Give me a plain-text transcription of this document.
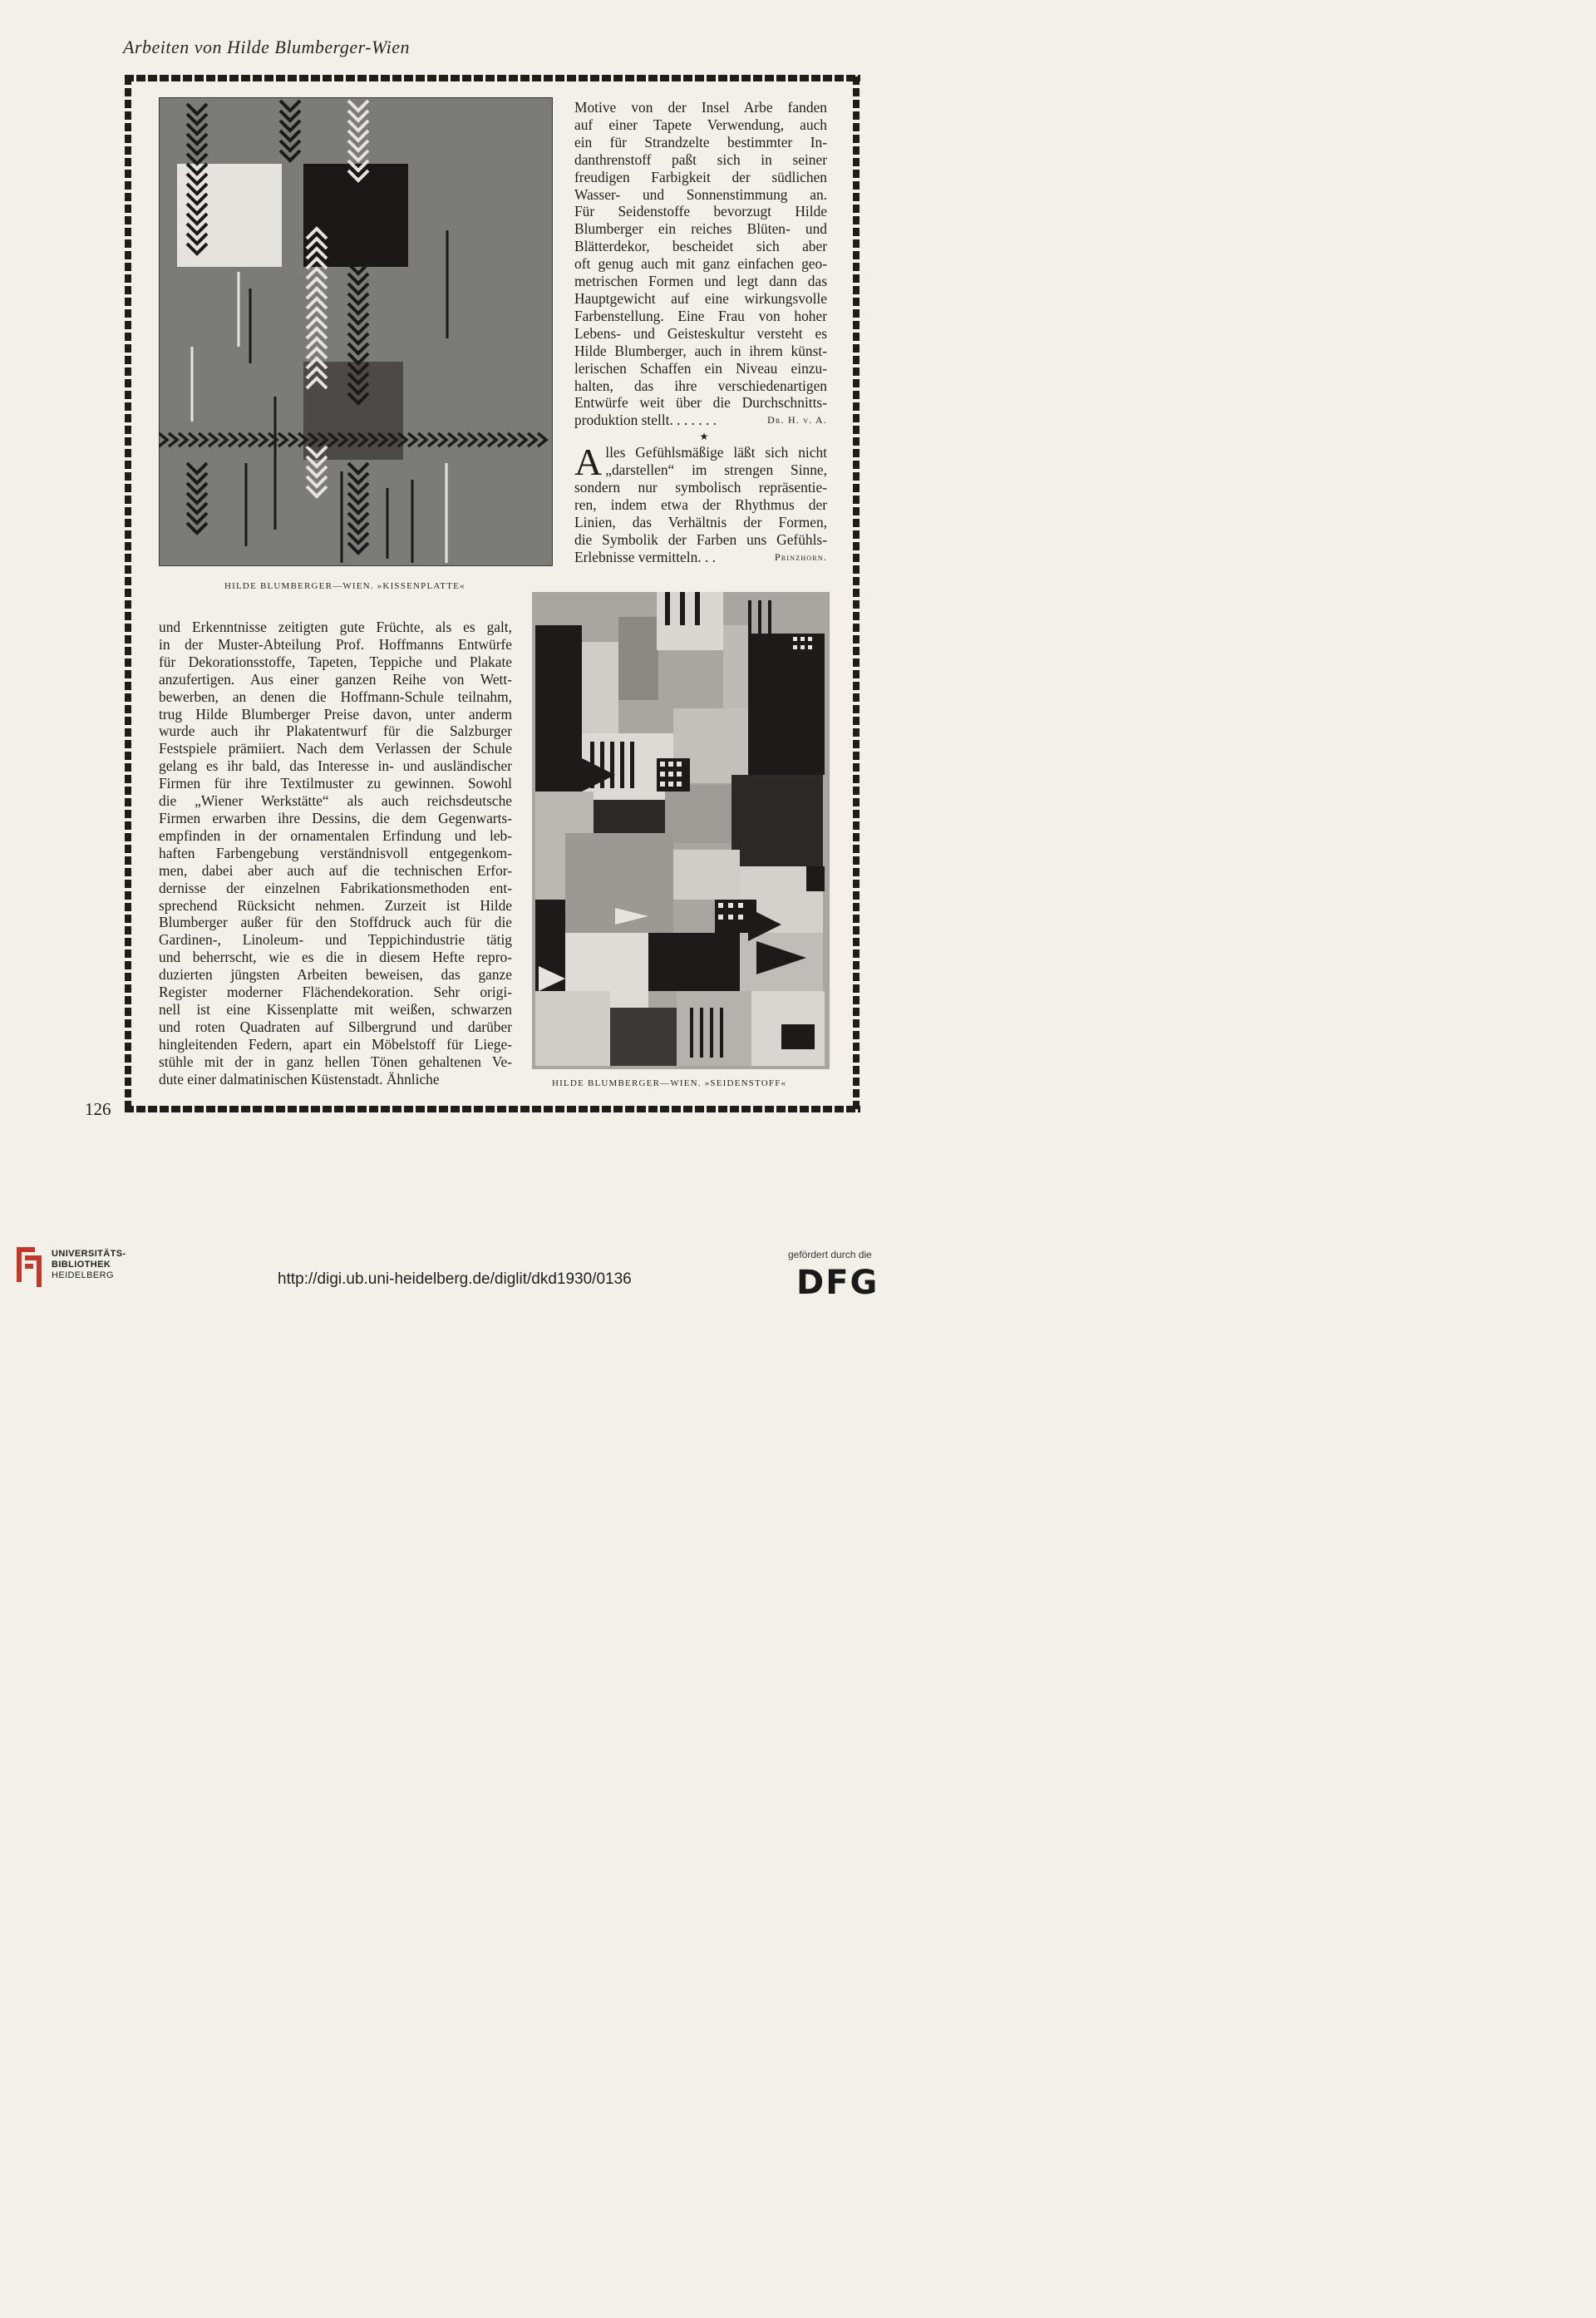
Arbeiten von Hilde Blumberger-Wien
HILDE BLUMBERGER—WIEN. »KISSENPLATTE«
HILDE BLUMBERGER—WIEN. »SEIDENSTOFF«

Motive von der Insel Arbe fanden
auf einer Tapete Verwendung, auch
ein für Strandzelte bestimmter In-
danthrenstoff paßt sich in seiner
freudigen Farbigkeit der südlichen
Wasser- und Sonnenstimmung an.
Für Seidenstoffe bevorzugt Hilde
Blumberger ein reiches Blüten- und
Blätterdekor, bescheidet sich aber
oft genug auch mit ganz einfachen geo-
metrischen Formen und legt dann das
Hauptgewicht auf eine wirkungsvolle
Farbenstellung. Eine Frau von hoher
Lebens- und Geisteskultur versteht es
Hilde Blumberger, auch in ihrem künst-
lerischen Schaffen ein Niveau einzu-
halten, das ihre verschiedenartigen
Entwürfe weit über die Durchschnitts-

produktion stellt. . . . . . .	Dr. H. v. A.
★
A lles Gefühlsmäßige läßt sich nicht
„darstellen“ im strengen Sinne,
sondern nur symbolisch repräsentie-
ren, indem etwa der Rhythmus der
Linien, das Verhältnis der Formen,
die Symbolik der Farben uns Gefühls-
Erlebnisse vermitteln. . .	Prinzhorn.
und Erkenntnisse zeitigten gute Früchte, als es galt,
in der Muster-Abteilung Prof. Hoffmanns Entwürfe
für Dekorationsstoffe, Tapeten, Teppiche und Plakate
anzufertigen. Aus einer ganzen Reihe von Wett-
bewerben, an denen die Hoffmann-Schule teilnahm,
trug Hilde Blumberger Preise davon, unter anderm
wurde auch ihr Plakatentwurf für die Salzburger
Festspiele prämiiert. Nach dem Verlassen der Schule
gelang es ihr bald, das Interesse in- und ausländischer
Firmen für ihre Textilmuster zu gewinnen. Sowohl
die „Wiener Werkstätte“ als auch reichsdeutsche
Firmen erwarben ihre Dessins, die dem Gegenwarts-
empfinden in der ornamentalen Erfindung und leb-
haften Farbengebung verständnisvoll entgegenkom-
men, dabei aber auch auf die technischen Erfor-
dernisse der einzelnen Fabrikationsmethoden ent-
sprechend Rücksicht nehmen. Zurzeit ist Hilde
Blumberger außer für den Stoffdruck auch für die
Gardinen-, Linoleum- und Teppichindustrie tätig
und beherrscht, wie es die in diesem Hefte repro-
duzierten jüngsten Arbeiten beweisen, das ganze
Register moderner Flächendekoration. Sehr origi-
nell ist eine Kissenplatte mit weißen, schwarzen
und roten Quadraten auf Silbergrund und darüber
hingleitenden Federn, apart ein Möbelstoff für Liege-
stühle mit der in ganz hellen Tönen gehaltenen Ve-
dute einer dalmatinischen Küstenstadt. Ähnliche
126
UNIVERSITÄTS-
BIBLIOTHEK
HEIDELBERG	http://digi.ub.uni-heidelberg.de/diglit/dkd1930/0136
gefördert durch die
DFG
